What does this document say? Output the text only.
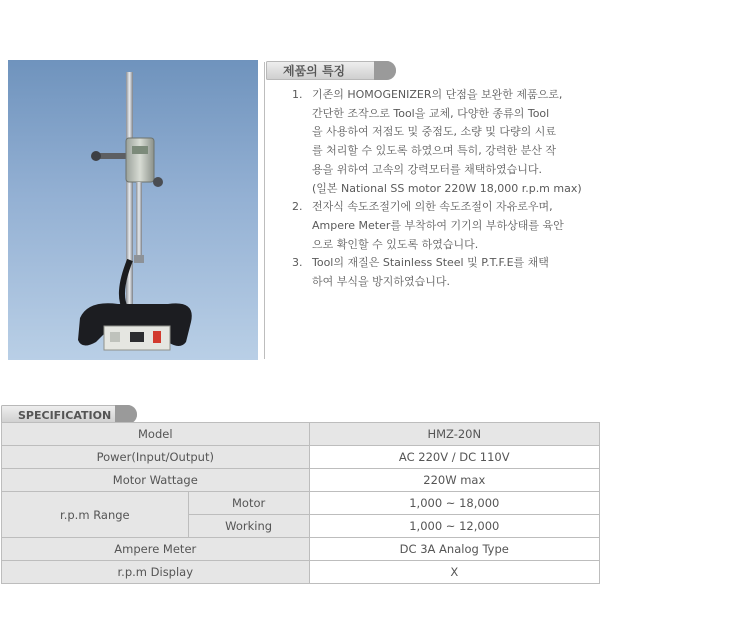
제품의 특징
1. 기존의 HOMOGENIZER의 단점을 보완한 제품으로,
간단한 조작으로 Tool을 교체, 다양한 종류의 Tool
을 사용하여 저점도 및 중점도, 소량 및 다량의 시료
를 처리할 수 있도록 하였으며 특히, 강력한 분산 작
용을 위하여 고속의 강력모터를 채택하였습니다.
(일본 National SS motor 220W 18,000 r.p.m max)
2. 전자식 속도조절기에 의한 속도조절이 자유로우며,
Ampere Meter를 부착하여 기기의 부하상태를 육안
으로 확인할 수 있도록 하였습니다.
3. Tool의 재질은 Stainless Steel 및 P.T.F.E를 채택
하여 부식을 방지하였습니다.
SPECIFICATION
Model		HMZ-20N
Power(Input/Output)		AC 220V / DC 110V
Motor Wattage		220W max
r.p.m Range	Motor	1,000 ~ 18,000
	Working	1,000 ~ 12,000
Ampere Meter		DC 3A Analog Type
r.p.m Display		X
